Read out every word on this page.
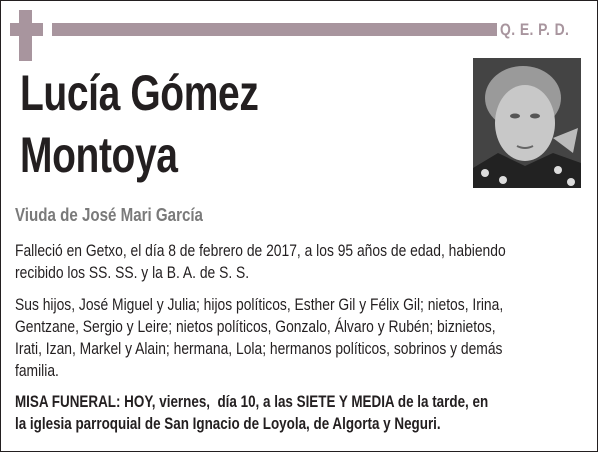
Q. E. P. D.
Lucía Gómez
Montoya
Viuda de José Mari García
Falleció en Getxo, el día 8 de febrero de 2017, a los 95 años de edad, habiendo
recibido los SS. SS. y la B. A. de S. S.
Sus hijos, José Miguel y Julia; hijos políticos, Esther Gil y Félix Gil; nietos, Irina,
Gentzane, Sergio y Leire; nietos políticos, Gonzalo, Álvaro y Rubén; biznietos,
Irati, Izan, Markel y Alain; hermana, Lola; hermanos políticos, sobrinos y demás
familia.
MISA FUNERAL: HOY, viernes,  día 10, a las SIETE Y MEDIA de la tarde, en
la iglesia parroquial de San Ignacio de Loyola, de Algorta y Neguri.
